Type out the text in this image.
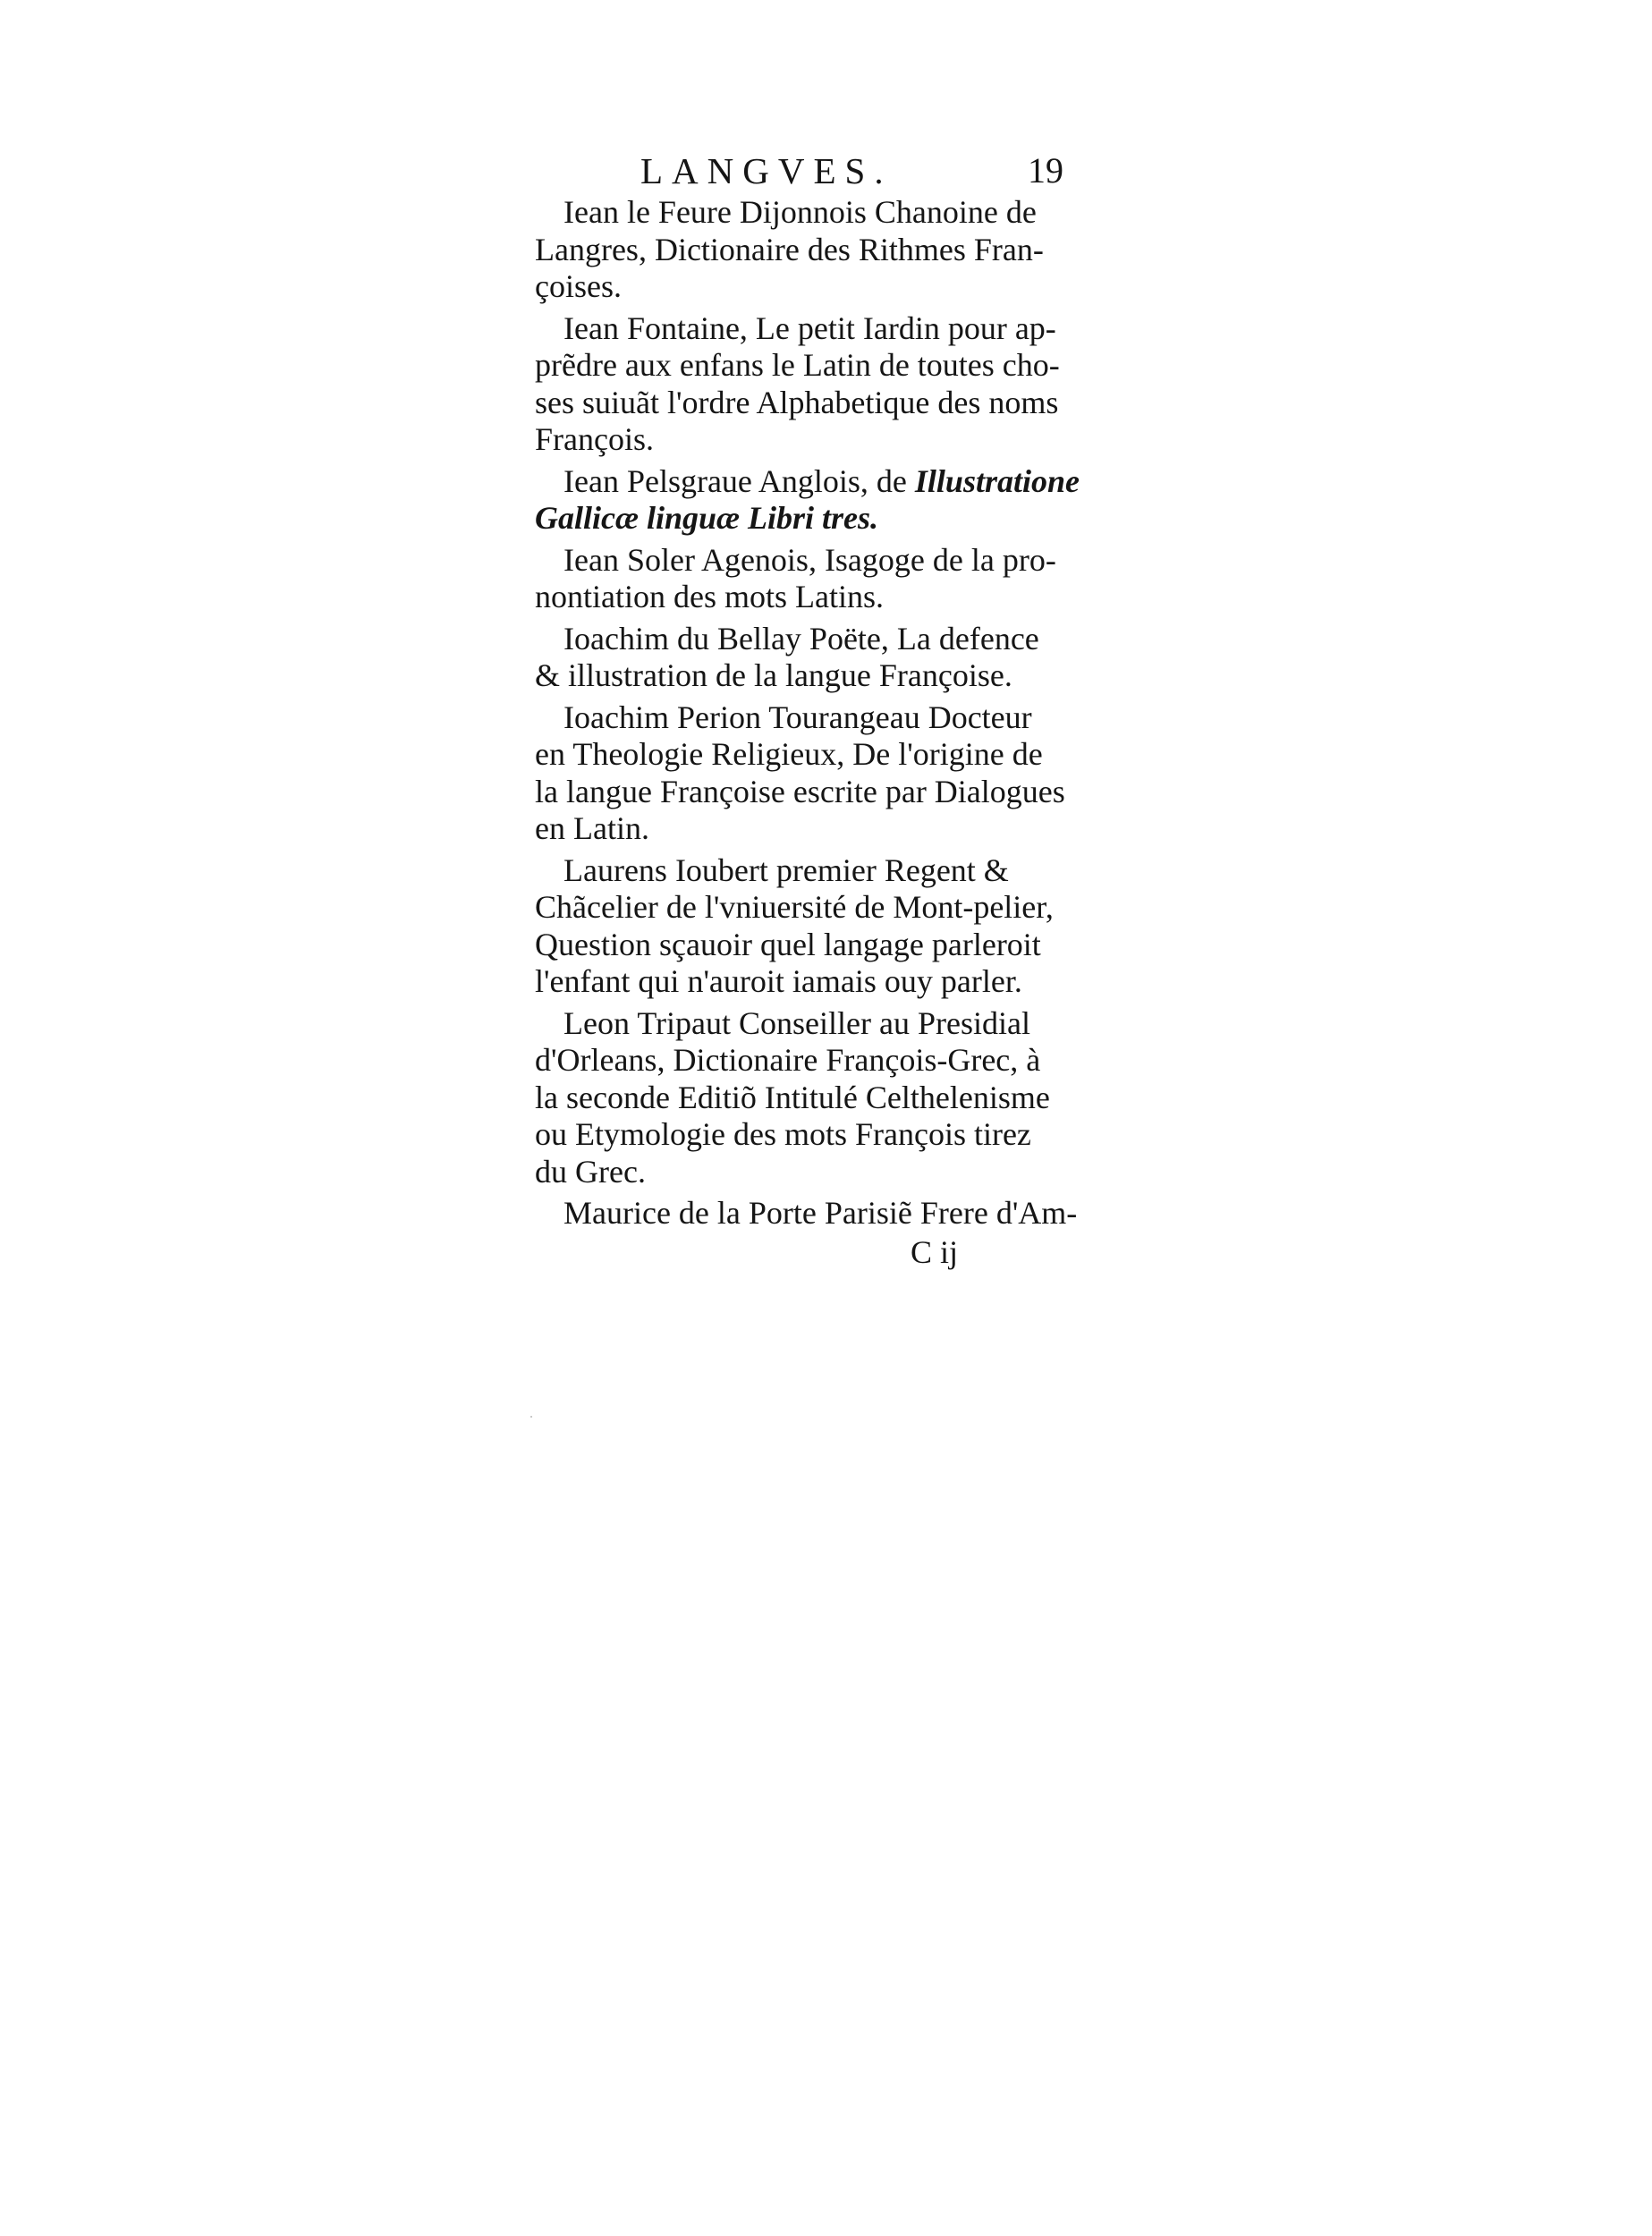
LANGVES.	19

Iean le Feure Dijonnois Chanoine de
Langres, Dictionaire des Rithmes Fran-
çoises.

Iean Fontaine, Le petit Iardin pour ap-
prẽdre aux enfans le Latin de toutes cho-
ses suiuãt l'ordre Alphabetique des noms
François.

Iean Pelsgraue Anglois, de Illustratione
Gallicæ linguæ Libri tres.

Iean Soler Agenois, Isagoge de la pro-
nontiation des mots Latins.

Ioachim du Bellay Poëte, La defence
& illustration de la langue Françoise.

Ioachim Perion Tourangeau Docteur
en Theologie Religieux, De l'origine de
la langue Françoise escrite par Dialogues
en Latin.

Laurens Ioubert premier Regent &
Chãcelier de l'vniuersité de Mont-pelier,
Question sçauoir quel langage parleroit
l'enfant qui n'auroit iamais ouy parler.

Leon Tripaut Conseiller au Presidial
d'Orleans, Dictionaire François-Grec, à
la seconde Editiõ Intitulé Celthelenisme
ou Etymologie des mots François tirez
du Grec.

Maurice de la Porte Parisiẽ Frere d'Am-

C ij
